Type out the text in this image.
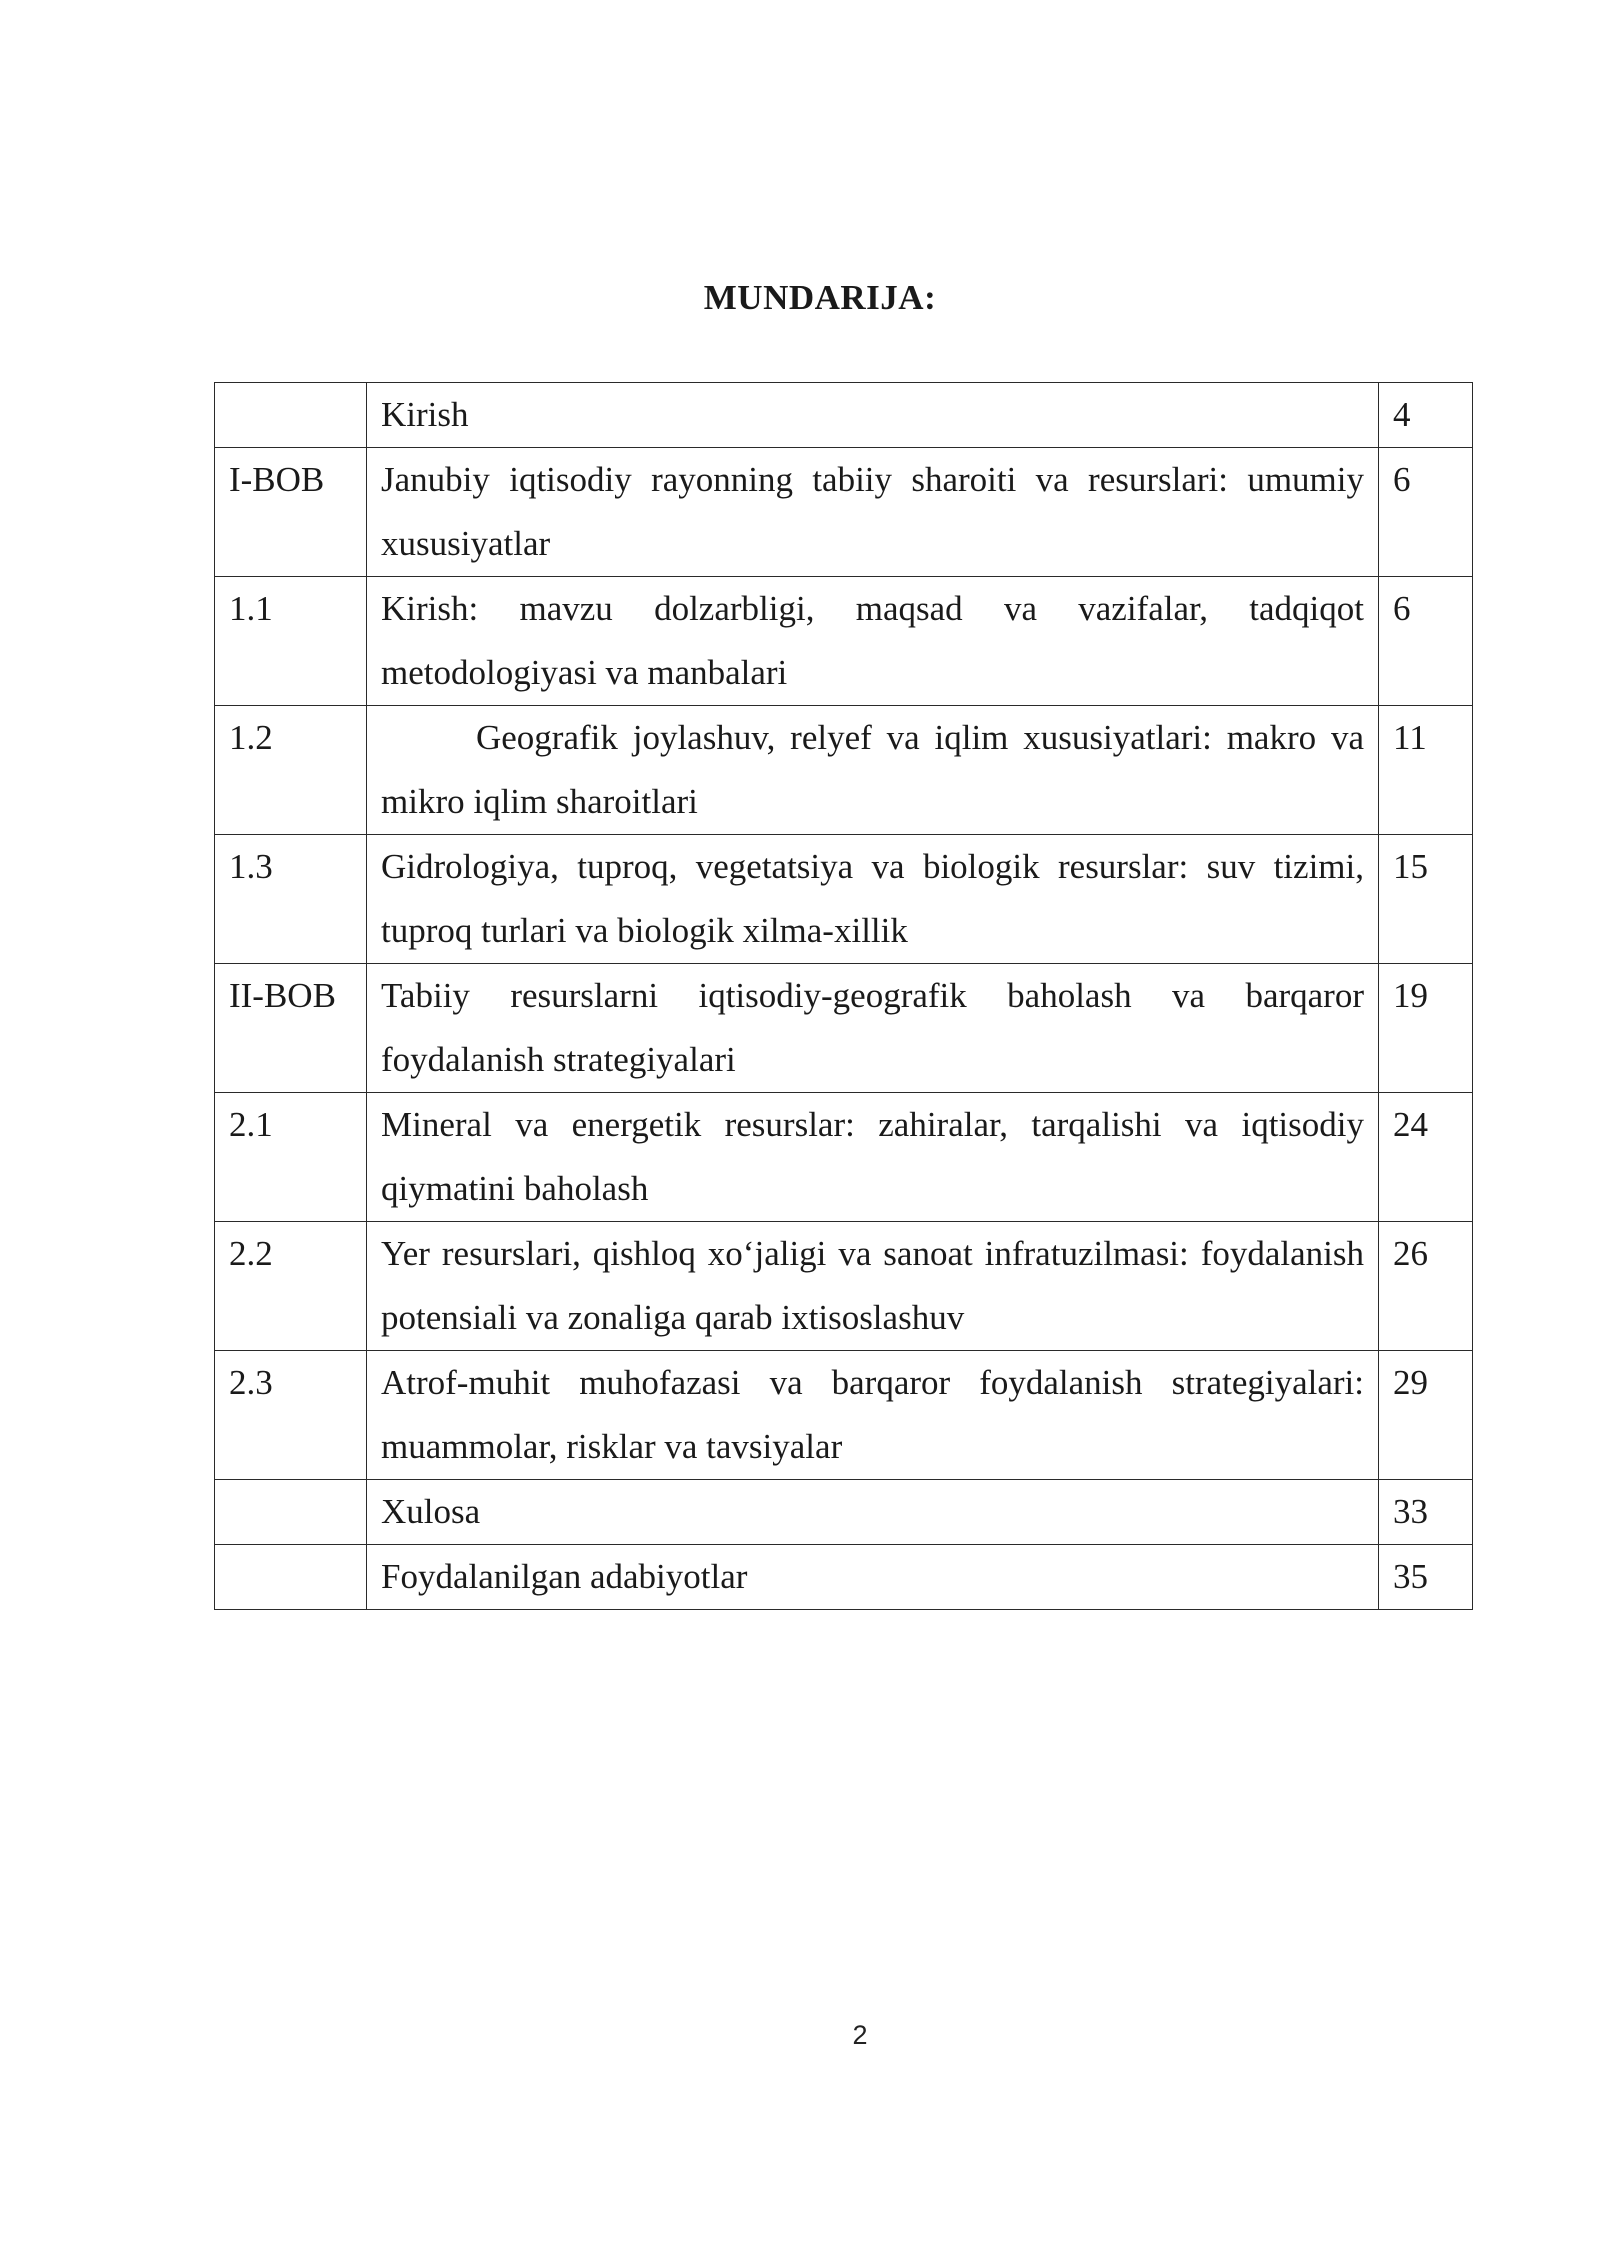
MUNDARIJA:
	Kirish	4
I-BOB	Janubiy iqtisodiy rayonning tabiiy sharoiti va resurslari: umumiy xususiyatlar	6
1.1	Kirish: mavzu dolzarbligi, maqsad va vazifalar, tadqiqot metodologiyasi va manbalari	6
1.2	Geografik joylashuv, relyef va iqlim xususiyatlari: makro va mikro iqlim sharoitlari	11
1.3	Gidrologiya, tuproq, vegetatsiya va biologik resurslar: suv tizimi, tuproq turlari va biologik xilma-xillik	15
II-BOB	Tabiiy resurslarni iqtisodiy-geografik baholash va barqaror foydalanish strategiyalari	19
2.1	Mineral va energetik resurslar: zahiralar, tarqalishi va iqtisodiy qiymatini baholash	24
2.2	Yer resurslari, qishloq xo‘jaligi va sanoat infratuzilmasi: foydalanish potensiali va zonaliga qarab ixtisoslashuv	26
2.3	Atrof-muhit muhofazasi va barqaror foydalanish strategiyalari: muammolar, risklar va tavsiyalar	29
	Xulosa	33
	Foydalanilgan adabiyotlar	35
2
